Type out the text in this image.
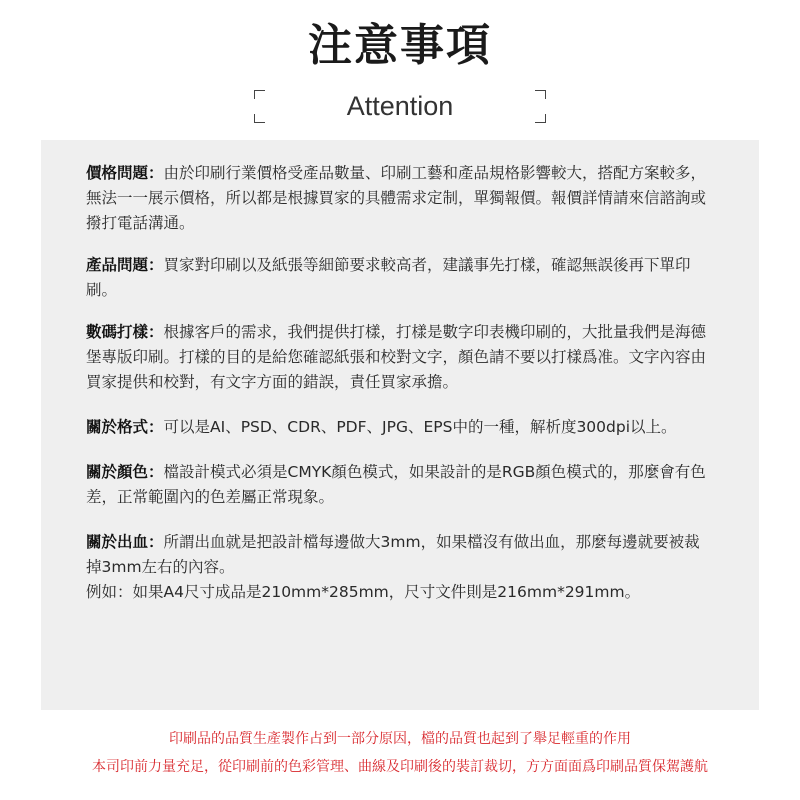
注意事項
Attention

價格問題：由於印刷行業價格受產品數量、印刷工藝和產品規格影響較大，搭配方案較多，無法一一展示價格，所以都是根據買家的具體需求定制，單獨報價。報價詳情請來信諮詢或撥打電話溝通。

產品問題：買家對印刷以及紙張等細節要求較高者，建議事先打樣，確認無誤後再下單印刷。

數碼打樣：根據客戶的需求，我們提供打樣，打樣是數字印表機印刷的，大批量我們是海德堡專版印刷。打樣的目的是給您確認紙張和校對文字，顏色請不要以打樣爲准。文字內容由買家提供和校對，有文字方面的錯誤，責任買家承擔。

關於格式：可以是AI、PSD、CDR、PDF、JPG、EPS中的一種，解析度300dpi以上。

關於顏色：檔設計模式必須是CMYK顏色模式，如果設計的是RGB顏色模式的，那麼會有色差，正常範圍內的色差屬正常現象。

關於出血：所謂出血就是把設計檔每邊做大3mm，如果檔沒有做出血，那麼每邊就要被裁掉3mm左右的內容。
例如：如果A4尺寸成品是210mm*285mm，尺寸文件則是216mm*291mm。

印刷品的品質生產製作占到一部分原因，檔的品質也起到了舉足輕重的作用
本司印前力量充足，從印刷前的色彩管理、曲線及印刷後的裝訂裁切，方方面面爲印刷品質保駕護航
